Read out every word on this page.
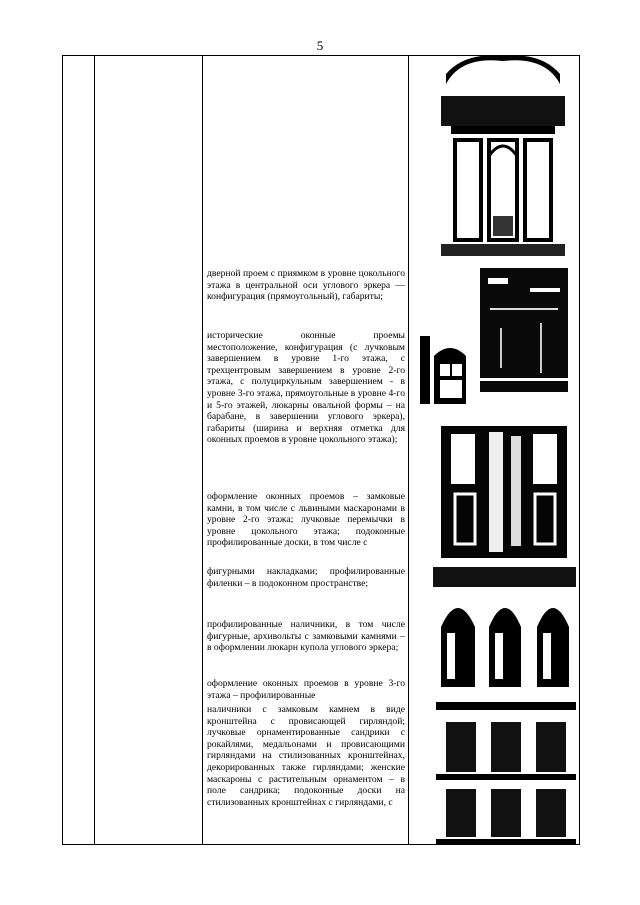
5

дверной проем с приямком в уровне цокольного этажа в центральной оси углового эркера — конфигурация (прямоугольный), габариты;

исторические оконные проемы местоположение, конфигурация (с лучковым завершением в уровне 1-го этажа, с трехцентровым завершением в уровне 2-го этажа, с полуциркульным завершением - в уровне 3-го этажа, прямоугольные в уровне 4-го и 5-го этажей, люкарны овальной формы – на барабане, в завершении углового эркера), габариты (ширина и верхняя отметка для оконных проемов в уровне цокольного этажа);

оформление оконных проемов – замковые камни, в том числе с львиными маскаронами в уровне 2-го этажа; лучковые перемычки в уровне цокольного этажа; подоконные профилированные доски, в том числе с

фигурными накладками; профилированные филенки – в подоконном пространстве;

профилированные наличники, в том числе фигурные, архивольты с замковыми камнями – в оформлении люкарн купола углового эркера;

оформление оконных проемов в уровне 3-го этажа – профилированные

наличники с замковым камнем в виде кронштейна с провисающей гирляндой; лучковые орнаментированные сандрики с рокайлями, медальонами и провисающими гирляндами на стилизованных кронштейнах, декорированных также гирляндами; женские маскароны с растительным орнаментом – в поле сандрика; подоконные доски на стилизованных кронштейнах с гирляндами, с
